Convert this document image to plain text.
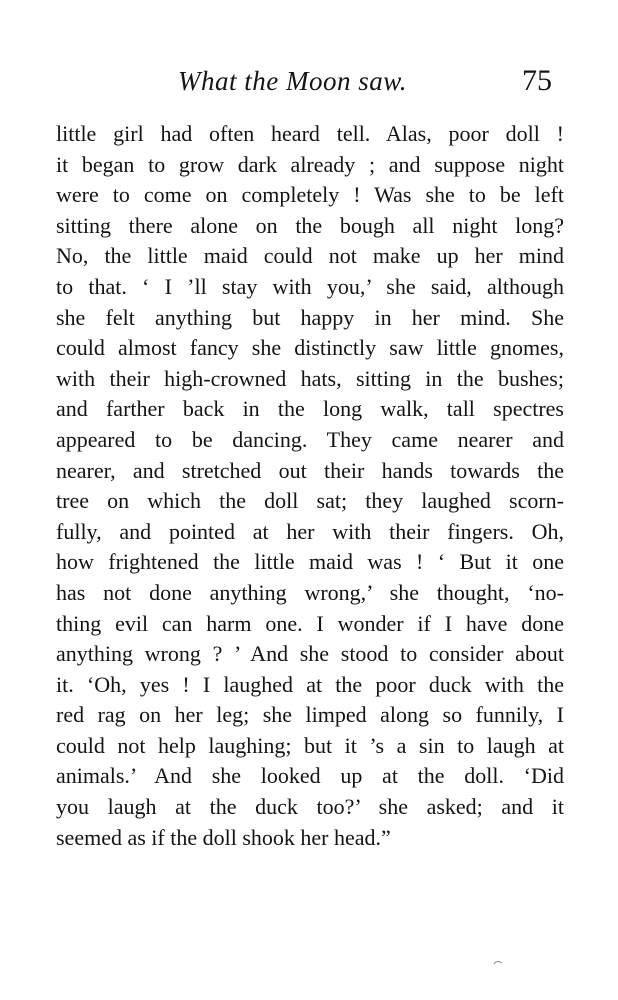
What the Moon saw.	75
little girl had often heard tell. Alas, poor doll !
it began to grow dark already ; and suppose night
were to come on completely ! Was she to be left
sitting there alone on the bough all night long?
No, the little maid could not make up her mind
to that. ‘ I ’ll stay with you,’ she said, although
she felt anything but happy in her mind. She
could almost fancy she distinctly saw little gnomes,
with their high-crowned hats, sitting in the bushes;
and farther back in the long walk, tall spectres
appeared to be dancing. They came nearer and
nearer, and stretched out their hands towards the
tree on which the doll sat; they laughed scorn-
fully, and pointed at her with their fingers. Oh,
how frightened the little maid was ! ‘ But it one
has not done anything wrong,’ she thought, ‘no-
thing evil can harm one. I wonder if I have done
anything wrong ? ’ And she stood to consider about
it. ‘Oh, yes ! I laughed at the poor duck with the
red rag on her leg; she limped along so funnily, I
could not help laughing; but it ’s a sin to laugh at
animals.’ And she looked up at the doll. ‘Did
you laugh at the duck too?’ she asked; and it
seemed as if the doll shook her head.”
